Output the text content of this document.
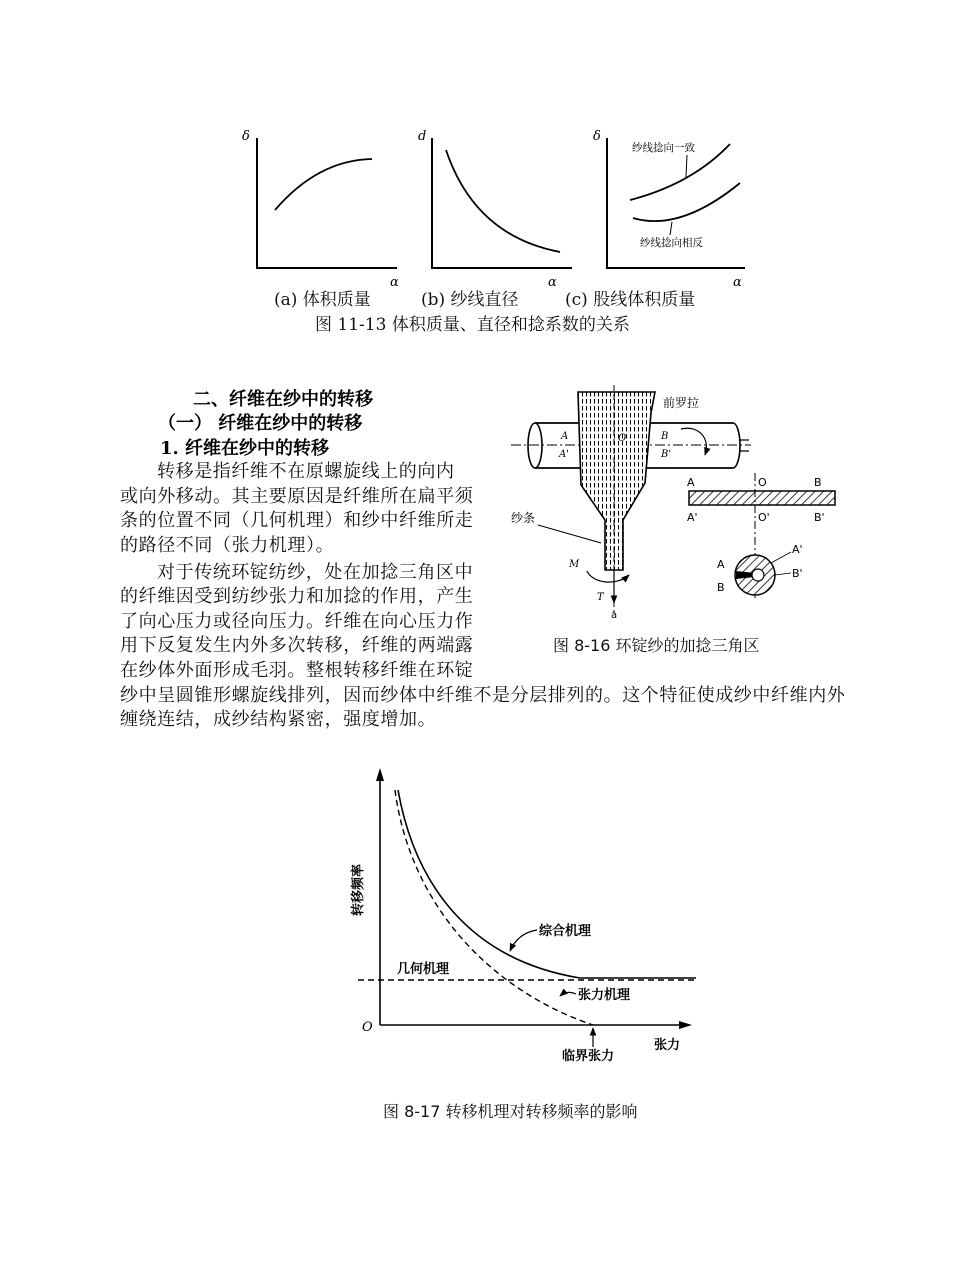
δ
α
d
α
纱线捻向一致
纱线捻向相反
δ
α
(a) 体积质量	(b) 纱线直径	(c) 股线体积质量
图 11-13 体积质量、直径和捻系数的关系
二、纤维在纱中的转移
（一） 纤维在纱中的转移
1. 纤维在纱中的转移
转移是指纤维不在原螺旋线上的向内
或向外移动。其主要原因是纤维所在扁平须
条的位置不同（几何机理）和纱中纤维所走
的路径不同（张力机理）。
对于传统环锭纺纱，处在加捻三角区中
的纤维因受到纺纱张力和加捻的作用，产生
了向心压力或径向压力。纤维在向心压力作
用下反复发生内外多次转移，纤维的两端露
在纱体外面形成毛羽。整根转移纤维在环锭
纱中呈圆锥形螺旋线排列，因而纱体中纤维不是分层排列的。这个特征使成纱中纤维内外
缠绕连结，成纱结构紧密，强度增加。
前罗拉
A
A'
O	B
B'
纱条
M
T
a
A	O	B
A'	O'	B'
A
B
A'
B'
图 8-16 环锭纱的加捻三角区
转移频率
O
张力
综合机理
几何机理
张力机理
临界张力
图 8-17 转移机理对转移频率的影响
